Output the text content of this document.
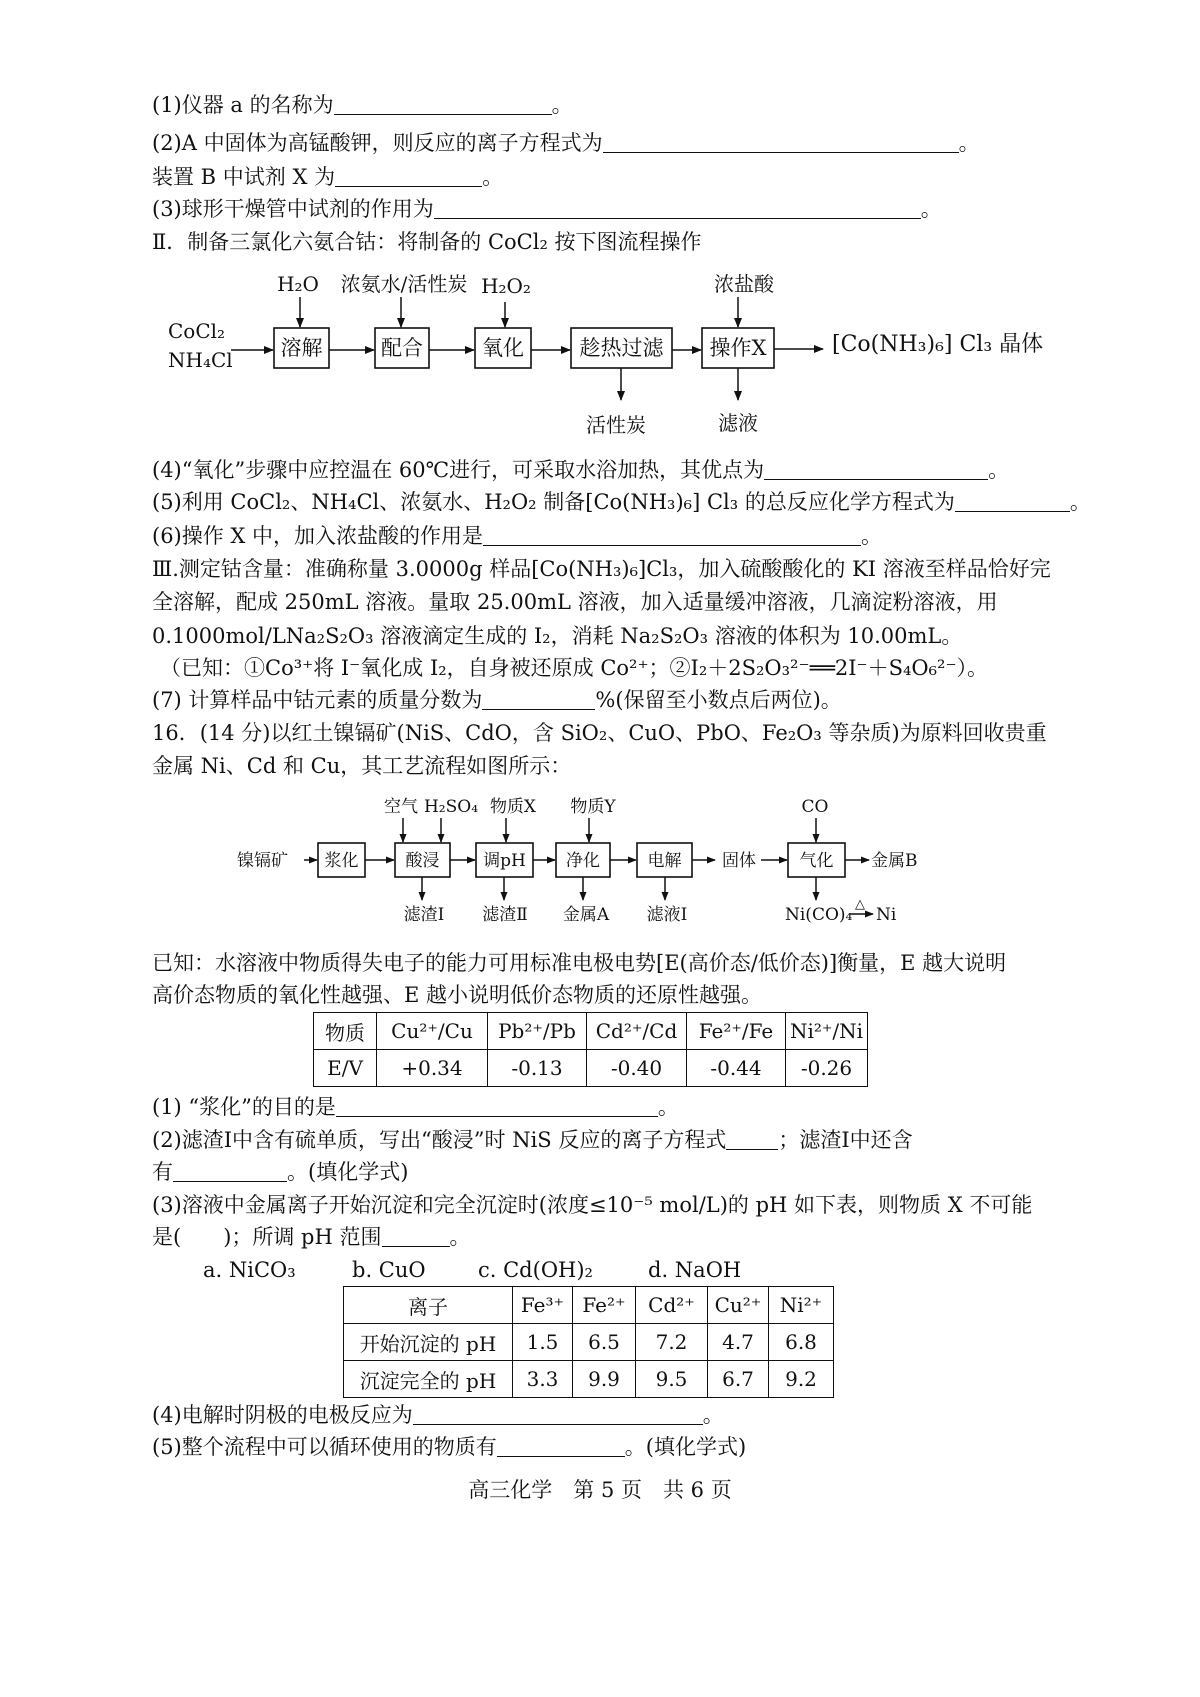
(1)仪器 a 的名称为	。
(2)A 中固体为高锰酸钾，则反应的离子方程式为	。
装置 B 中试剂 X 为	。
(3)球形干燥管中试剂的作用为	。
Ⅱ．制备三氯化六氨合钴：将制备的 CoCl₂ 按下图流程操作
CoCl₂
NH₄Cl 溶解	配合	氧化	趁热过滤 操作X	[Co(NH₃)₆] Cl₃ 晶体
H₂O 浓氨水/活性炭 H₂O₂	浓盐酸
活性炭	滤液
(4)“氧化”步骤中应控温在 60℃进行，可采取水浴加热，其优点为	。
(5)利用 CoCl₂、NH₄Cl、浓氨水、H₂O₂ 制备[Co(NH₃)₆] Cl₃ 的总反应化学方程式为	。
(6)操作 X 中，加入浓盐酸的作用是	。
Ⅲ.测定钴含量：准确称量 3.0000g 样品[Co(NH₃)₆]Cl₃，加入硫酸酸化的 KI 溶液至样品恰好完
全溶解，配成 250mL 溶液。量取 25.00mL 溶液，加入适量缓冲溶液，几滴淀粉溶液，用
0.1000mol/LNa₂S₂O₃ 溶液滴定生成的 I₂，消耗 Na₂S₂O₃ 溶液的体积为 10.00mL。
（已知：①Co³⁺将 I⁻氧化成 I₂，自身被还原成 Co²⁺；②I₂＋2S₂O₃²⁻══2I⁻＋S₄O₆²⁻）。
(7) 计算样品中钴元素的质量分数为	%(保留至小数点后两位)。
16．(14 分)以红土镍镉矿(NiS、CdO，含 SiO₂、CuO、PbO、Fe₂O₃ 等杂质)为原料回收贵重
金属 Ni、Cd 和 Cu，其工艺流程如图所示：
镍镉矿 浆化	酸浸	调pH 净化	电解 固体	气化 金属B
空气 H₂SO₄ 物质X 物质Y	CO
滤渣Ⅰ 滤渣Ⅱ 金属A 滤液Ⅰ	Ni(CO)₄
△
Ni
已知：水溶液中物质得失电子的能力可用标准电极电势[E(高价态/低价态)]衡量，E 越大说明
高价态物质的氧化性越强、E 越小说明低价态物质的还原性越强。
物质	Cu²⁺/Cu	Pb²⁺/Pb	Cd²⁺/Cd	Fe²⁺/Fe	Ni²⁺/Ni
E/V	+0.34	-0.13	-0.40	-0.44	-0.26
(1) “浆化”的目的是	。
(2)滤渣Ⅰ中含有硫单质，写出“酸浸”时 NiS 反应的离子方程式 ；滤渣Ⅰ中还含
有	。(填化学式)
(3)溶液中金属离子开始沉淀和完全沉淀时(浓度≤10⁻⁵ mol/L)的 pH 如下表，则物质 X 不可能
是(　　)；所调 pH 范围	。
a. NiCO₃	b. CuO c. Cd(OH)₂	d. NaOH
离子	Fe³⁺	Fe²⁺	Cd²⁺	Cu²⁺	Ni²⁺
开始沉淀的 pH	1.5	6.5	7.2	4.7	6.8
沉淀完全的 pH	3.3	9.9	9.5	6.7	9.2
(4)电解时阴极的电极反应为	。
(5)整个流程中可以循环使用的物质有	。(填化学式)
高三化学　第 5 页　共 6 页
